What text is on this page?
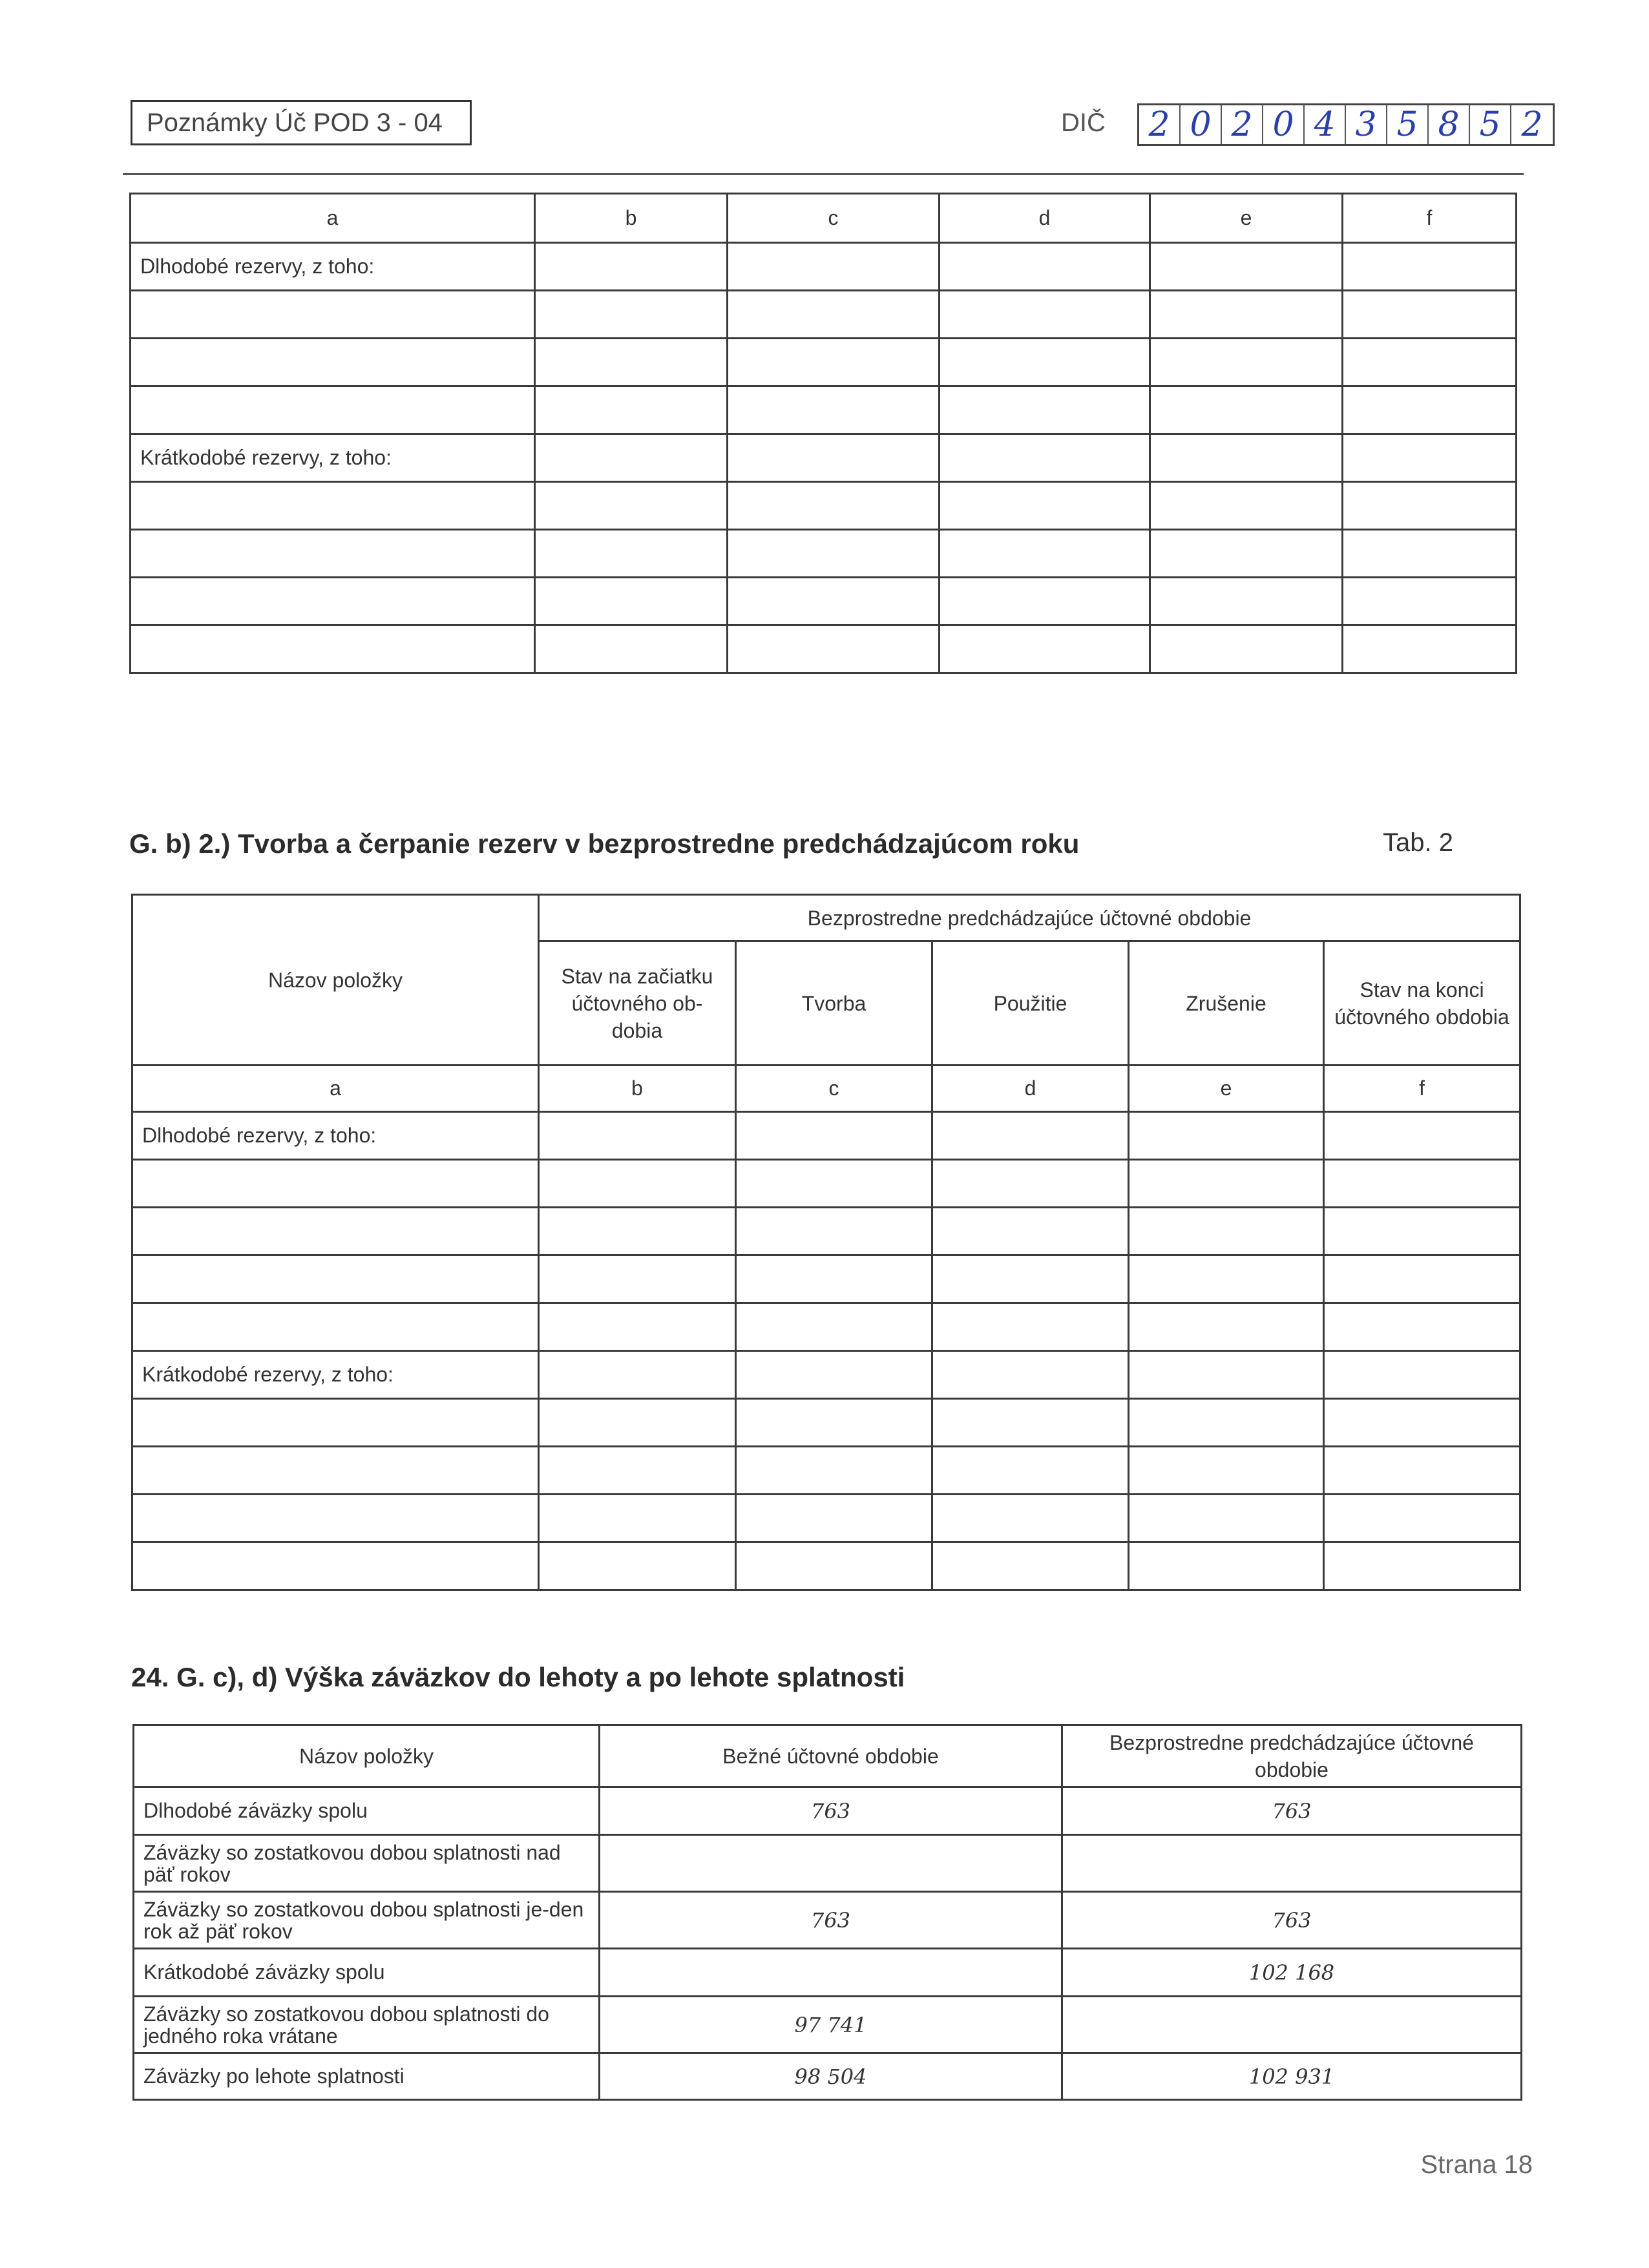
Poznámky Úč POD 3 - 04	DIČ 2 0 2 0 4 3 5 8 5 2
a	b	c	d	e	f
Dlhodobé rezervy, z toho:					

Krátkodobé rezervy, z toho:					

G. b) 2.) Tvorba a čerpanie rezerv v bezprostredne predchádzajúcom roku	Tab. 2
Názov položky	Bezprostredne predchádzajúce účtovné obdobie				
	Stav na začiatku účtovného ob-dobia	Tvorba	Použitie	Zrušenie	Stav na konci účtovného obdobia
a	b	c	d	e	f
Dlhodobé rezervy, z toho:					

Krátkodobé rezervy, z toho:					

24. G. c), d) Výška záväzkov do lehoty a po lehote splatnosti
Názov položky	Bežné účtovné obdobie	Bezprostredne predchádzajúce účtovné obdobie
Dlhodobé záväzky spolu	763	763
Záväzky so zostatkovou dobou splatnosti nad päť rokov		
Záväzky so zostatkovou dobou splatnosti je-den rok až päť rokov	763	763
Krátkodobé záväzky spolu		102 168
Záväzky so zostatkovou dobou splatnosti do jedného roka vrátane	97 741	
Záväzky po lehote splatnosti	98 504	102 931
Strana 18
